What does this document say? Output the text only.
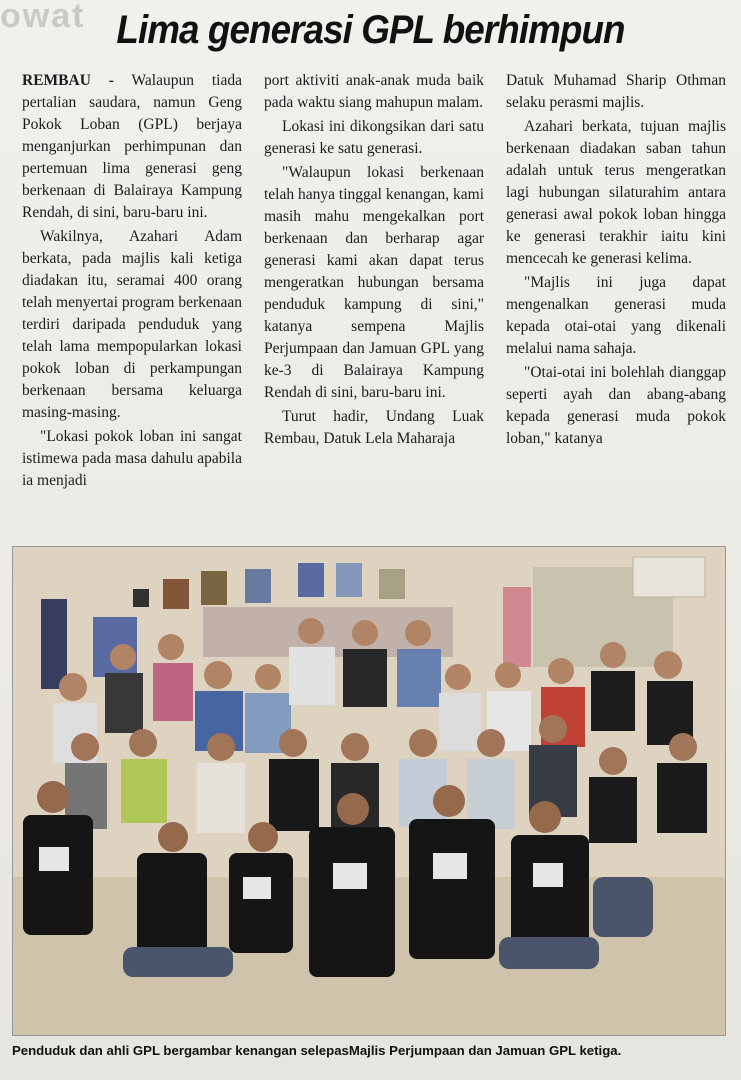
owat Lima generasi GPL berhimpun

REMBAU - Walaupun tiada pertalian saudara, namun Geng Pokok Loban (GPL) berjaya menganjurkan perhimpunan dan pertemuan lima generasi geng berkenaan di Balairaya Kampung Rendah, di sini, baru-baru ini.

Wakilnya, Azahari Adam berkata, pada majlis kali ketiga diadakan itu, seramai 400 orang telah menyertai program berkenaan terdiri daripada penduduk yang telah lama mempopularkan lokasi pokok loban di perkampungan berkenaan bersama keluarga masing-masing.

"Lokasi pokok loban ini sangat istimewa pada masa dahulu apabila ia menjadi

port aktiviti anak-anak muda baik pada waktu siang mahupun malam.

Lokasi ini dikongsikan dari satu generasi ke satu generasi.

"Walaupun lokasi berkenaan telah hanya tinggal kenangan, kami masih mahu mengekalkan port berkenaan dan berharap agar generasi kami akan dapat terus mengeratkan hubungan bersama penduduk kampung di sini," katanya sempena Majlis Perjumpaan dan Jamuan GPL yang ke-3 di Balairaya Kampung Rendah di sini, baru-baru ini.

Turut hadir, Undang Luak Rembau, Datuk Lela Maharaja

Datuk Muhamad Sharip Othman selaku perasmi majlis.

Azahari berkata, tujuan majlis berkenaan diadakan saban tahun adalah untuk terus mengeratkan lagi hubungan silaturahim antara generasi awal pokok loban hingga ke generasi terakhir iaitu kini mencecah ke generasi kelima.

"Majlis ini juga dapat mengenalkan generasi muda kepada otai-otai yang dikenali melalui nama sahaja.

"Otai-otai ini bolehlah dianggap seperti ayah dan abang-abang kepada generasi muda pokok loban," katanya

Penduduk dan ahli GPL bergambar kenangan selepasMajlis Perjumpaan dan Jamuan GPL ketiga.
